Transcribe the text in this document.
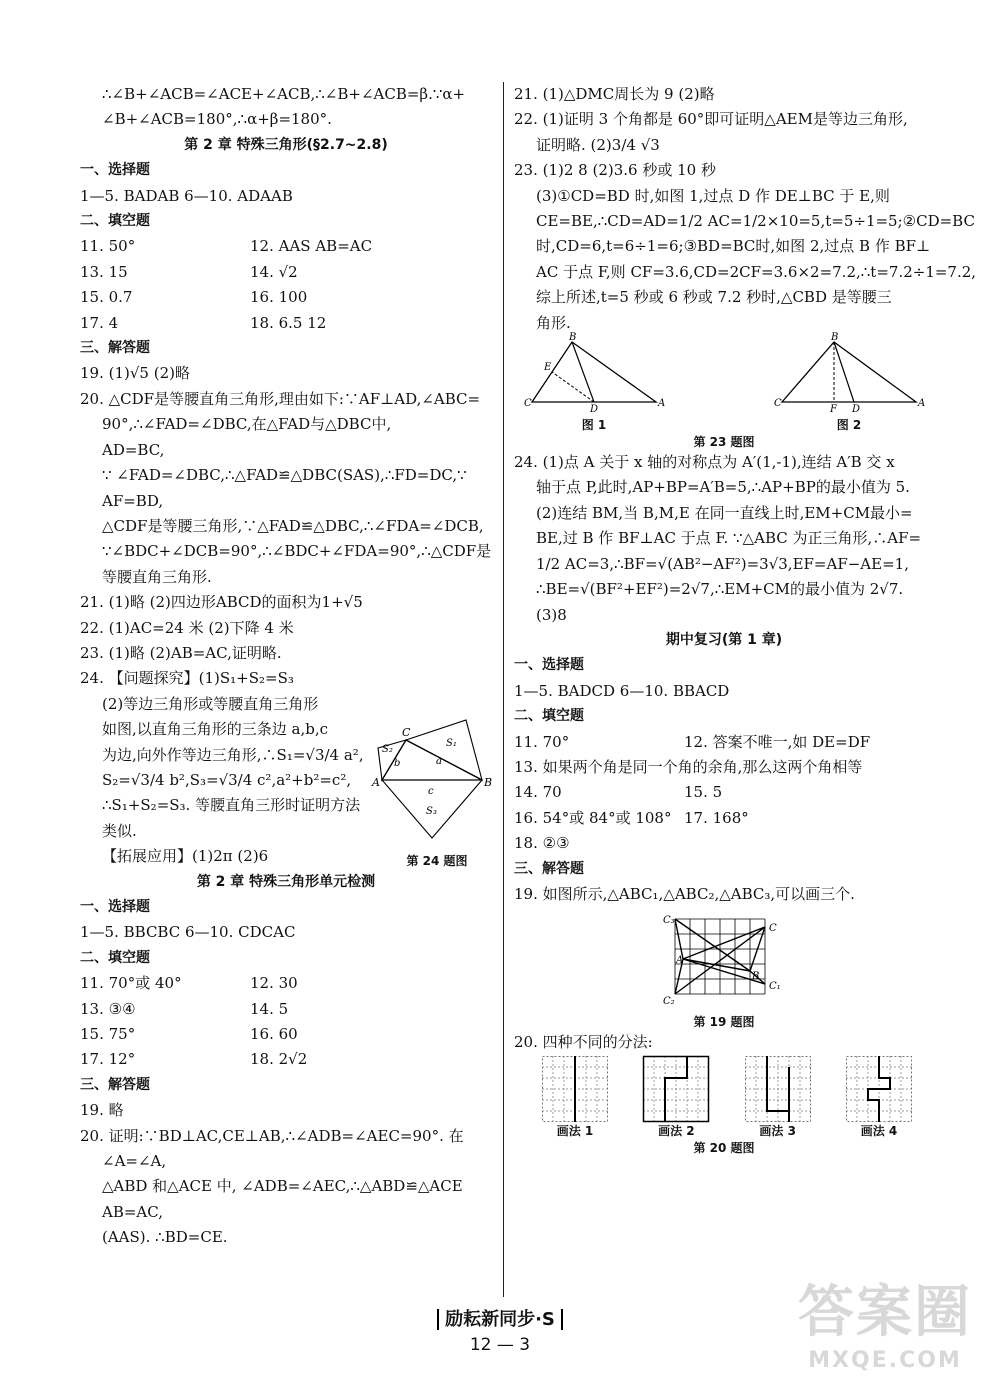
∴∠B+∠ACB=∠ACE+∠ACB,∴∠B+∠ACB=β.∵α+
∠B+∠ACB=180°,∴α+β=180°.
第 2 章 特殊三角形(§2.7~2.8)
一、选择题
1—5. BADAB 6—10. ADAAB
二、填空题
11. 50°	12. AAS AB=AC
13. 15	14. √2
15. 0.7	16. 100
17. 4	18. 6.5 12
三、解答题
19. (1)√5 (2)略
20. △CDF是等腰直角三角形,理由如下:∵AF⊥AD,∠ABC=
90°,∴∠FAD=∠DBC,在△FAD与△DBC中,
AD=BC,
∵ ∠FAD=∠DBC,∴△FAD≌△DBC(SAS),∴FD=DC,∵
AF=BD,
△CDF是等腰三角形,∵△FAD≌△DBC,∴∠FDA=∠DCB,
∵∠BDC+∠DCB=90°,∴∠BDC+∠FDA=90°,∴△CDF是
等腰直角三角形.
21. (1)略 (2)四边形ABCD的面积为1+√5
22. (1)AC=24 米 (2)下降 4 米
23. (1)略 (2)AB=AC,证明略.
24. 【问题探究】(1)S₁+S₂=S₃
(2)等边三角形或等腰直角三角形
如图,以直角三角形的三条边 a,b,c
为边,向外作等边三角形,∴S₁=√3/4 a²,
S₂=√3/4 b²,S₃=√3/4 c²,a²+b²=c²,
∴S₁+S₂=S₃. 等腰直角三形时证明方法
类似.
【拓展应用】(1)2π (2)6
第 2 章 特殊三角形单元检测
一、选择题
1—5. BBCBC 6—10. CDCAC
二、填空题
11. 70°或 40°	12. 30
13. ③④	14. 5
15. 75°	16. 60
17. 12°	18. 2√2
三、解答题
19. 略
20. 证明:∵BD⊥AC,CE⊥AB,∴∠ADB=∠AEC=90°. 在
∠A=∠A,
△ABD 和△ACE 中, ∠ADB=∠AEC,∴△ABD≌△ACE
AB=AC,
(AAS). ∴BD=CE.
21. (1)△DMC周长为 9 (2)略
22. (1)证明 3 个角都是 60°即可证明△AEM是等边三角形,
证明略. (2)3/4 √3
23. (1)2 8 (2)3.6 秒或 10 秒
(3)①CD=BD 时,如图 1,过点 D 作 DE⊥BC 于 E,则
CE=BE,∴CD=AD=1/2 AC=1/2×10=5,t=5÷1=5;②CD=BC
时,CD=6,t=6÷1=6;③BD=BC时,如图 2,过点 B 作 BF⊥
AC 于点 F,则 CF=3.6,CD=2CF=3.6×2=7.2,∴t=7.2÷1=7.2,
综上所述,t=5 秒或 6 秒或 7.2 秒时,△CBD 是等腰三
角形.
B
C	A
D
E
图 1
B
C	A
F D
图 2
第 23 题图
24. (1)点 A 关于 x 轴的对称点为 A′(1,-1),连结 A′B 交 x
轴于点 P,此时,AP+BP=A′B=5,∴AP+BP的最小值为 5.
(2)连结 BM,当 B,M,E 在同一直线上时,EM+CM最小=
BE,过 B 作 BF⊥AC 于点 F. ∵△ABC 为正三角形,∴AF=
1/2 AC=3,∴BF=√(AB²−AF²)=3√3,EF=AF−AE=1,
∴BE=√(BF²+EF²)=2√7,∴EM+CM的最小值为 2√7.
(3)8
期中复习(第 1 章)
一、选择题
1—5. BADCD 6—10. BBACD
二、填空题
11. 70°	12. 答案不唯一,如 DE=DF
13. 如果两个角是同一个角的余角,那么这两个角相等
14. 70	15. 5
16. 54°或 84°或 108° 17. 168°
18. ②③
三、解答题
19. 如图所示,△ABC₁,△ABC₂,△ABC₃,可以画三个.
C₃
C
A
B
C₂
C₁
第 19 题图
20. 四种不同的分法:
画法 1	画法 2	画法 3	画法 4
第 20 题图
C
S₁
S₂
a
b
A	B
c
S₃
第 24 题图
励耘新同步·S
12 — 3	答案圈
MXQE.COM
